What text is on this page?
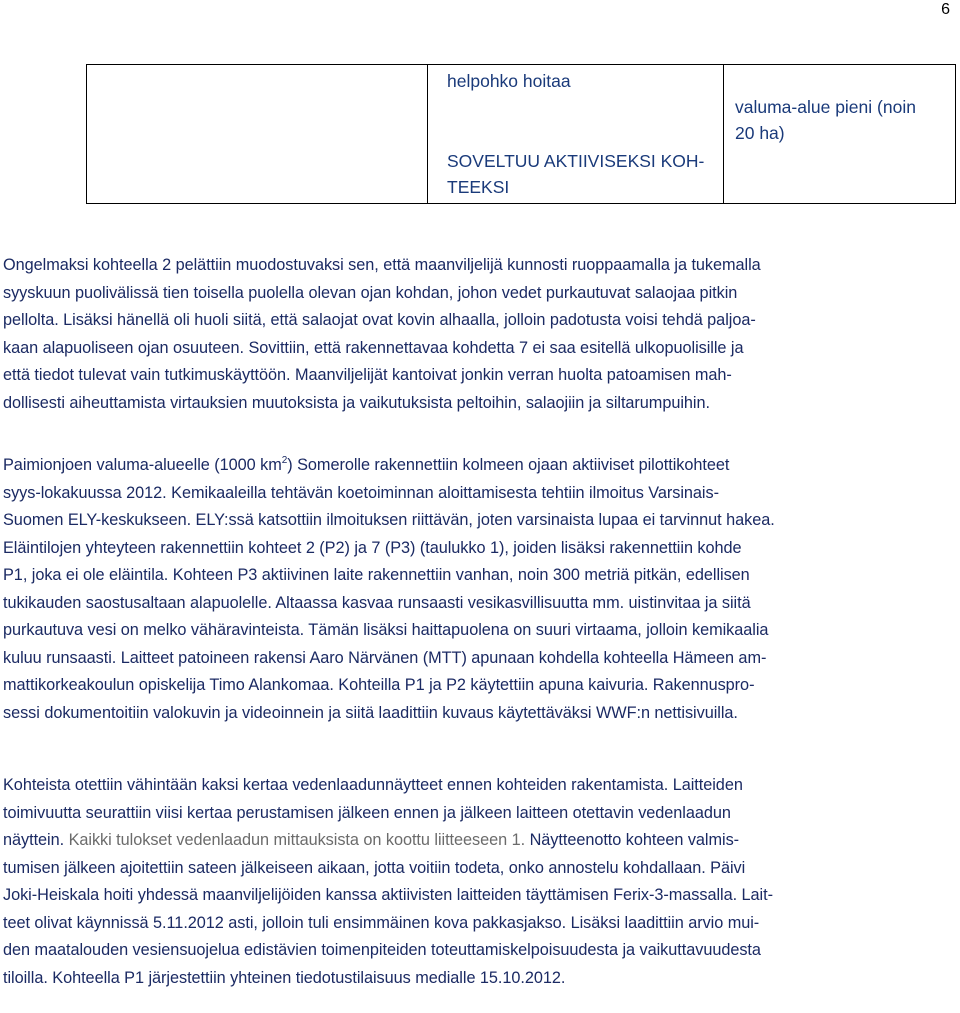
6
helpohko hoitaa
SOVELTUU AKTIIVISEKSI KOH-
TEEKSI
valuma-alue pieni (noin
20 ha)
Ongelmaksi kohteella 2 pelättiin muodostuvaksi sen, että maanviljelijä kunnosti ruoppaamalla ja tukemalla
syyskuun puolivälissä tien toisella puolella olevan ojan kohdan, johon vedet purkautuvat salaojaa pitkin
pellolta. Lisäksi hänellä oli huoli siitä, että salaojat ovat kovin alhaalla, jolloin padotusta voisi tehdä paljoa-
kaan alapuoliseen ojan osuuteen. Sovittiin, että rakennettavaa kohdetta 7 ei saa esitellä ulkopuolisille ja
että tiedot tulevat vain tutkimuskäyttöön. Maanviljelijät kantoivat jonkin verran huolta patoamisen mah-
dollisesti aiheuttamista virtauksien muutoksista ja vaikutuksista peltoihin, salaojiin ja siltarumpuihin.
Paimionjoen valuma-alueelle (1000 $km^2$) Somerolle rakennettiin kolmeen ojaan aktiiviset pilottikohteet
syys-lokakuussa 2012. Kemikaaleilla tehtävän koetoiminnan aloittamisesta tehtiin ilmoitus Varsinais-
Suomen ELY-keskukseen. ELY:ssä katsottiin ilmoituksen riittävän, joten varsinaista lupaa ei tarvinnut hakea.
Eläintilojen yhteyteen rakennettiin kohteet 2 (P2) ja 7 (P3) (taulukko 1), joiden lisäksi rakennettiin kohde
P1, joka ei ole eläintila. Kohteen P3 aktiivinen laite rakennettiin vanhan, noin 300 metriä pitkän, edellisen
tukikauden saostusaltaan alapuolelle. Altaassa kasvaa runsaasti vesikasvillisuutta mm. uistinvitaa ja siitä
purkautuva vesi on melko vähäravinteista. Tämän lisäksi haittapuolena on suuri virtaama, jolloin kemikaalia
kuluu runsaasti. Laitteet patoineen rakensi Aaro Närvänen (MTT) apunaan kohdella kohteella Hämeen am-
mattikorkeakoulun opiskelija Timo Alankomaa. Kohteilla P1 ja P2 käytettiin apuna kaivuria. Rakennuspro-
sessi dokumentoitiin valokuvin ja videoinnein ja siitä laadittiin kuvaus käytettäväksi WWF:n nettisivuilla.
Kohteista otettiin vähintään kaksi kertaa vedenlaadunnäytteet ennen kohteiden rakentamista. Laitteiden
toimivuutta seurattiin viisi kertaa perustamisen jälkeen ennen ja jälkeen laitteen otettavin vedenlaadun
näyttein. Kaikki tulokset vedenlaadun mittauksista on koottu liitteeseen 1. Näytteenotto kohteen valmis-
tumisen jälkeen ajoitettiin sateen jälkeiseen aikaan, jotta voitiin todeta, onko annostelu kohdallaan. Päivi
Joki-Heiskala hoiti yhdessä maanviljelijöiden kanssa aktiivisten laitteiden täyttämisen Ferix-3-massalla. Lait-
teet olivat käynnissä 5.11.2012 asti, jolloin tuli ensimmäinen kova pakkasjakso. Lisäksi laadittiin arvio mui-
den maatalouden vesiensuojelua edistävien toimenpiteiden toteuttamiskelpoisuudesta ja vaikuttavuudesta
tiloilla. Kohteella P1 järjestettiin yhteinen tiedotustilaisuus medialle 15.10.2012.
